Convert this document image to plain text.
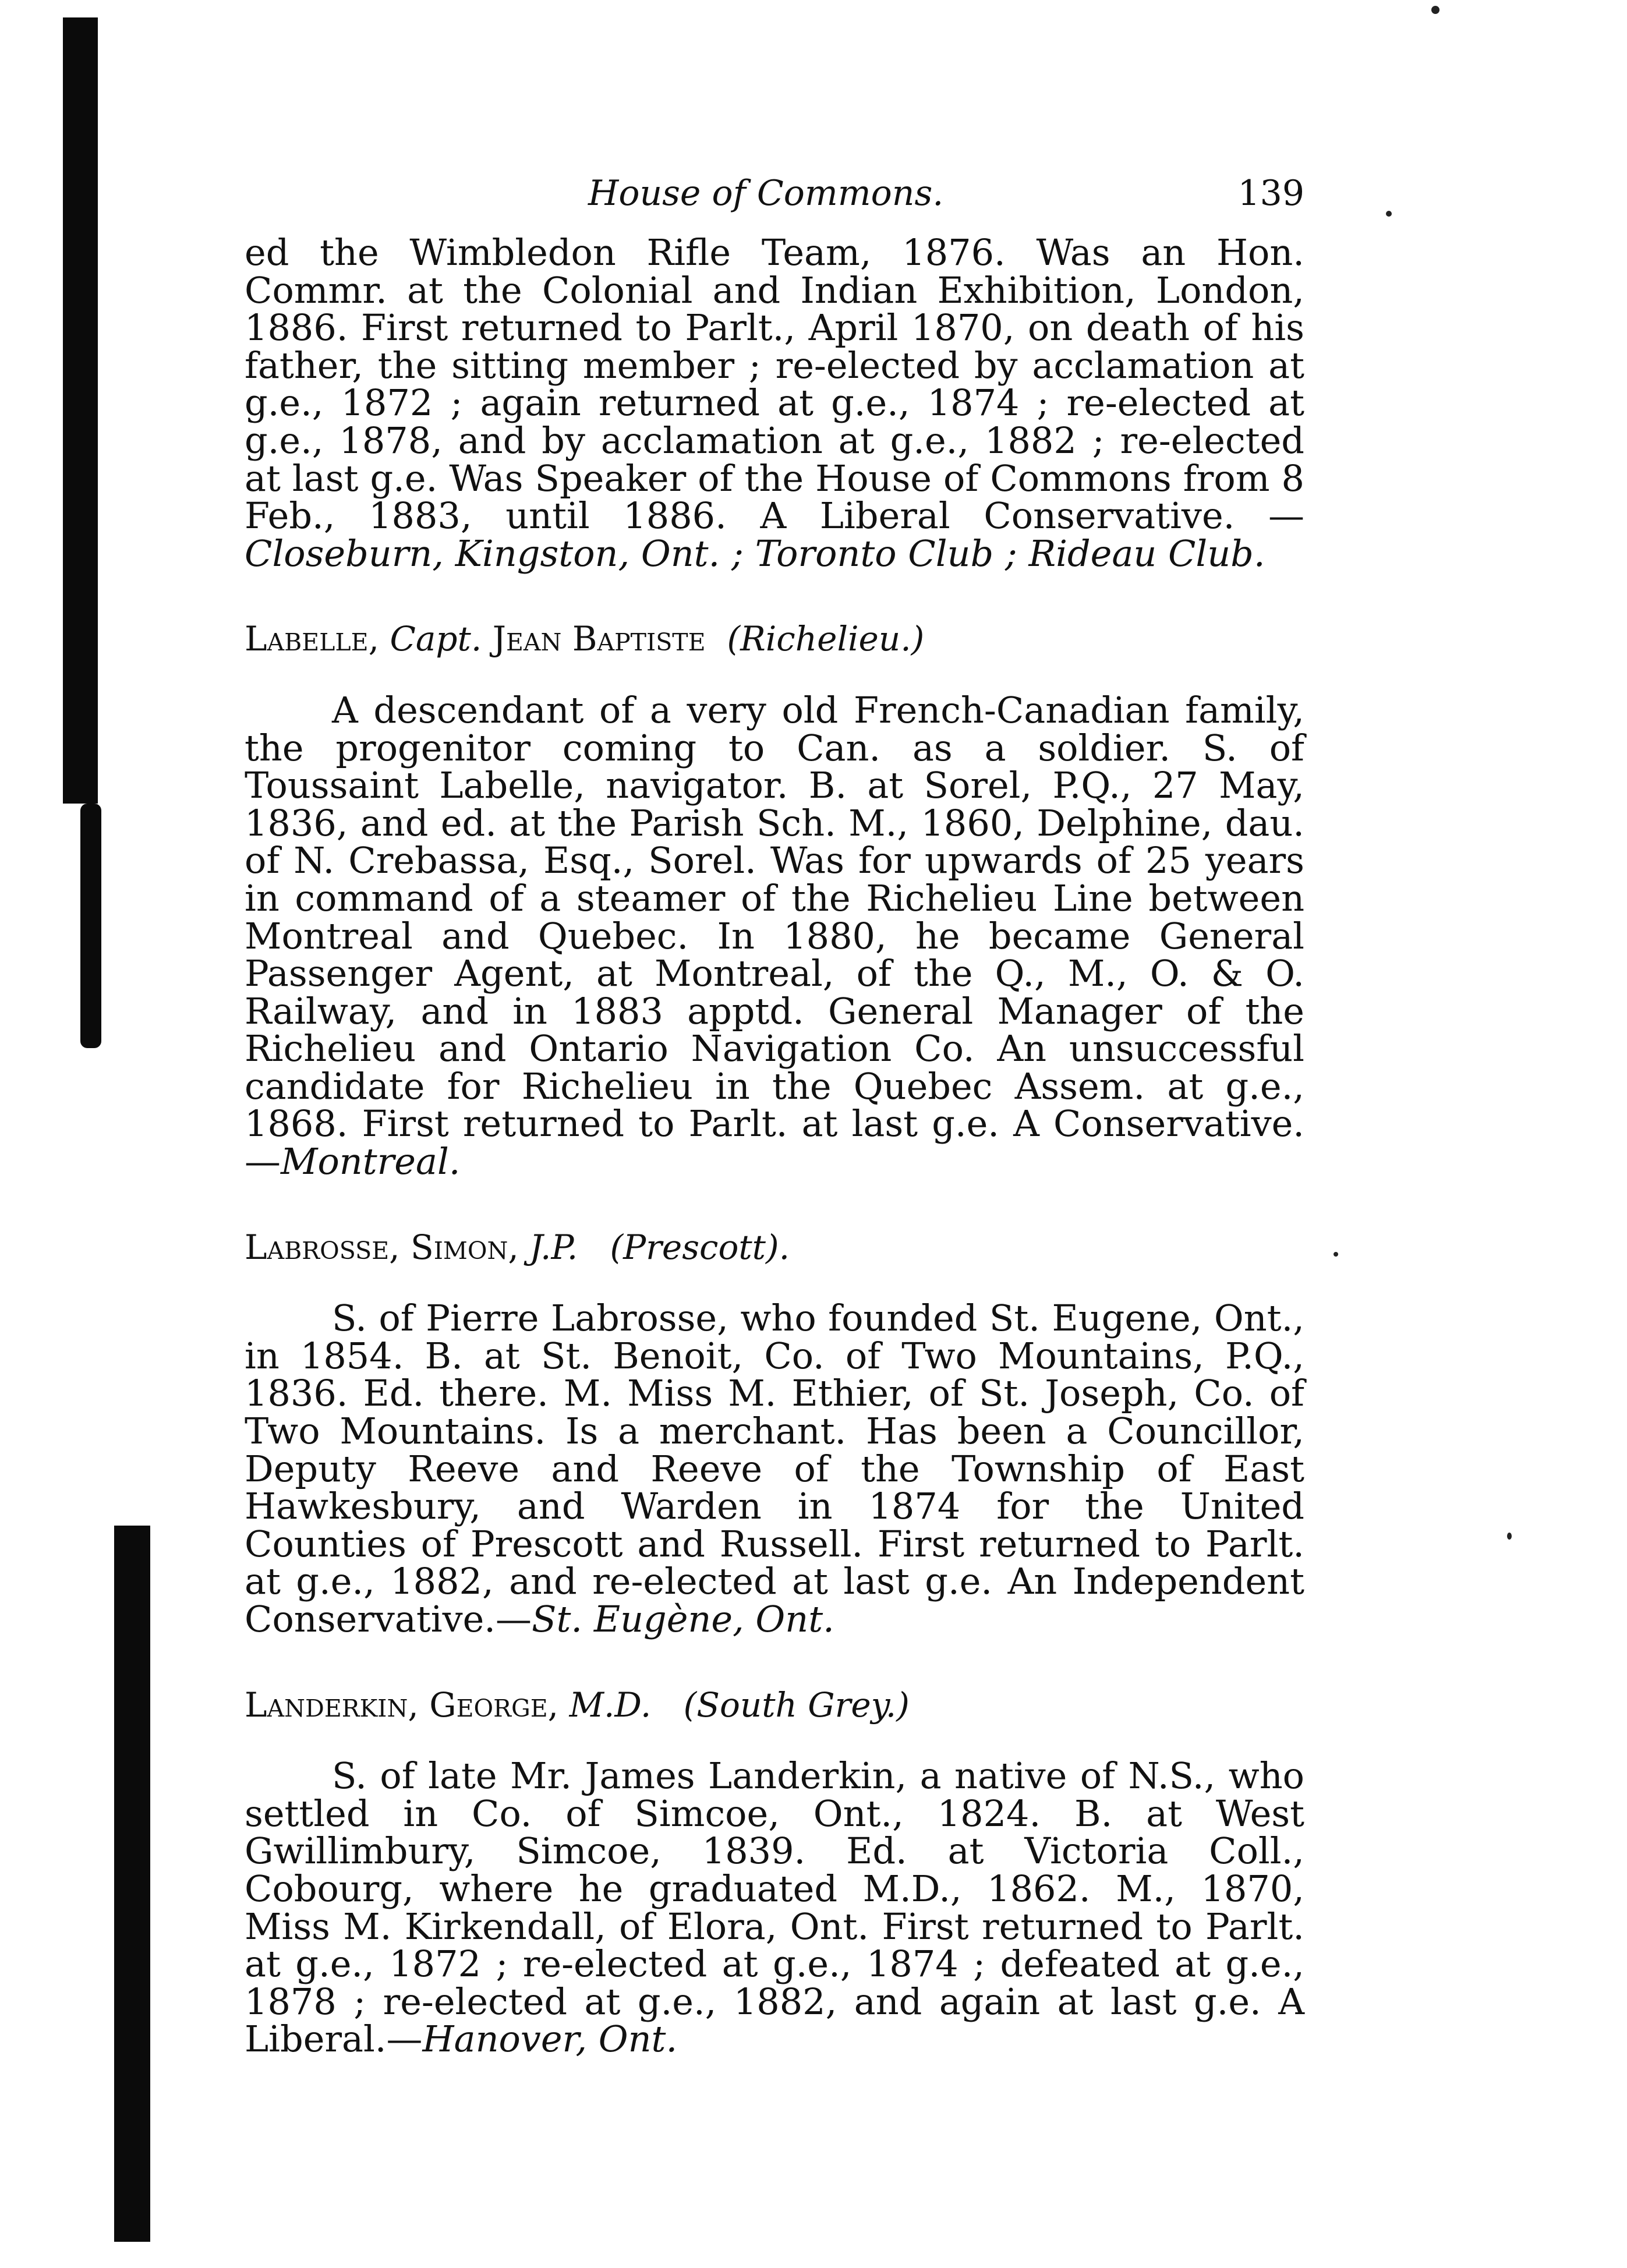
House of Commons.	139

ed the Wimbledon Rifle Team, 1876. Was an Hon. Commr. at the Colonial and Indian Exhibition, London, 1886. First returned to Parlt., April 1870, on death of his father, the sitting member ; re-elected by acclamation at g.e., 1872 ; again returned at g.e., 1874 ; re-elected at g.e., 1878, and by acclamation at g.e., 1882 ; re-elected at last g.e. Was Speaker of the House of Commons from 8 Feb., 1883, until 1886. A Liberal Conservative. — Closeburn, Kingston, Ont. ; Toronto Club ; Rideau Club.

Labelle, Capt. Jean Baptiste (Richelieu.)

A descendant of a very old French-Canadian family, the progenitor coming to Can. as a soldier. S. of Toussaint Labelle, navigator. B. at Sorel, P.Q., 27 May, 1836, and ed. at the Parish Sch. M., 1860, Delphine, dau. of N. Crebassa, Esq., Sorel. Was for upwards of 25 years in command of a steamer of the Richelieu Line between Montreal and Quebec. In 1880, he became General Passenger Agent, at Montreal, of the Q., M., O. & O. Railway, and in 1883 apptd. General Manager of the Richelieu and Ontario Navigation Co. An unsuccessful candidate for Richelieu in the Quebec Assem. at g.e., 1868. First returned to Parlt. at last g.e. A Conservative.—Montreal.

Labrosse, Simon, J.P. (Prescott).

S. of Pierre Labrosse, who founded St. Eugene, Ont., in 1854. B. at St. Benoit, Co. of Two Mountains, P.Q., 1836. Ed. there. M. Miss M. Ethier, of St. Joseph, Co. of Two Mountains. Is a merchant. Has been a Councillor, Deputy Reeve and Reeve of the Township of East Hawkesbury, and Warden in 1874 for the United Counties of Prescott and Russell. First returned to Parlt. at g.e., 1882, and re-elected at last g.e. An Independent Conservative.—St. Eugène, Ont.

Landerkin, George, M.D. (South Grey.)

S. of late Mr. James Landerkin, a native of N.S., who settled in Co. of Simcoe, Ont., 1824. B. at West Gwillimbury, Simcoe, 1839. Ed. at Victoria Coll., Cobourg, where he graduated M.D., 1862. M., 1870, Miss M. Kirkendall, of Elora, Ont. First returned to Parlt. at g.e., 1872 ; re-elected at g.e., 1874 ; defeated at g.e., 1878 ; re-elected at g.e., 1882, and again at last g.e. A Liberal.—Hanover, Ont.
